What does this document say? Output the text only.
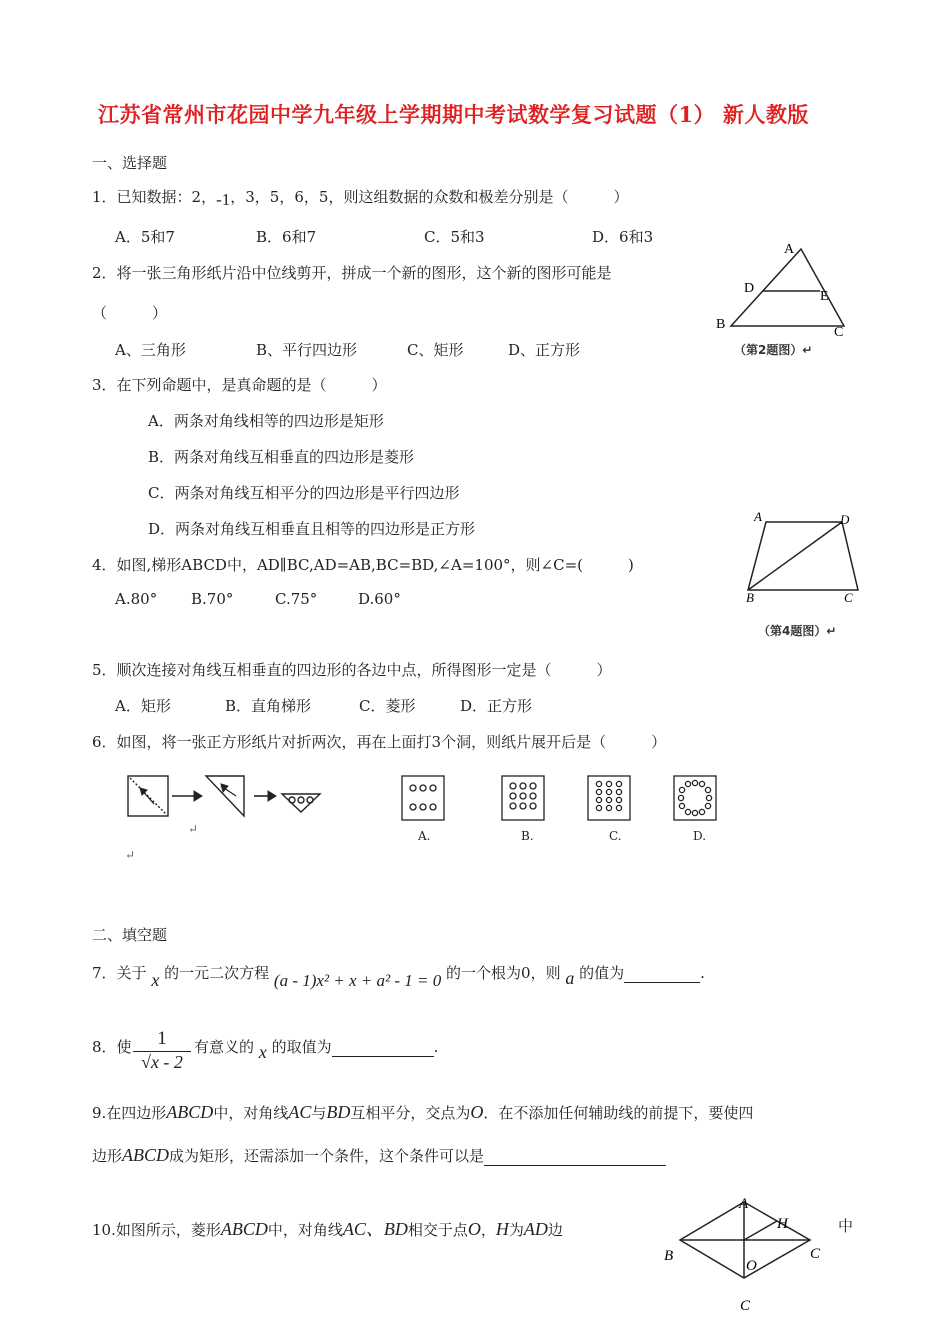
江苏省常州市花园中学九年级上学期期中考试数学复习试题（1） 新人教版
一、选择题
1．已知数据：2，-1，3，5，6，5，则这组数据的众数和极差分别是（　　　）
A．5和7	B．6和7	C．5和3	D．6和3
2．将一张三角形纸片沿中位线剪开，拼成一个新的图形，这个新的图形可能是
（　　　）
A、三角形	B、平行四边形	C、矩形	D、正方形
A
D
E
B
C
（第2题图）↵
3．在下列命题中，是真命题的是（　　　）
A．两条对角线相等的四边形是矩形
B．两条对角线互相垂直的四边形是菱形
C．两条对角线互相平分的四边形是平行四边形
D．两条对角线互相垂直且相等的四边形是正方形
4．如图,梯形ABCD中，AD∥BC,AD=AB,BC=BD,∠A=100°，则∠C=(　　　)
A.80° B.70°	C.75°	D.60°
A	D
B	C
（第4题图）↵
5．顺次连接对角线互相垂直的四边形的各边中点，所得图形一定是（　　　）
A．矩形	B．直角梯形	C．菱形	D．正方形
6．如图，将一张正方形纸片对折两次，再在上面打3个洞，则纸片展开后是（　　　）
↵
↵
A.	B.	C.	D.
二、填空题
7．关于 x 的一元二次方程 (a - 1)x² + x + a² - 1 = 0 的一个根为0，则 a 的值为	.
8．使 $\frac{1}{√x - 2}$ 有意义的 x 的取值为	.
9.在四边形ABCD中，对角线AC与BD互相平分，交点为O．在不添加任何辅助线的前提下，要使四
边形ABCD成为矩形，还需添加一个条件，这个条件可以是
10.如图所示，菱形ABCD中，对角线AC、BD相交于点O，H为AD边	中
A
H
B	C
O
C
